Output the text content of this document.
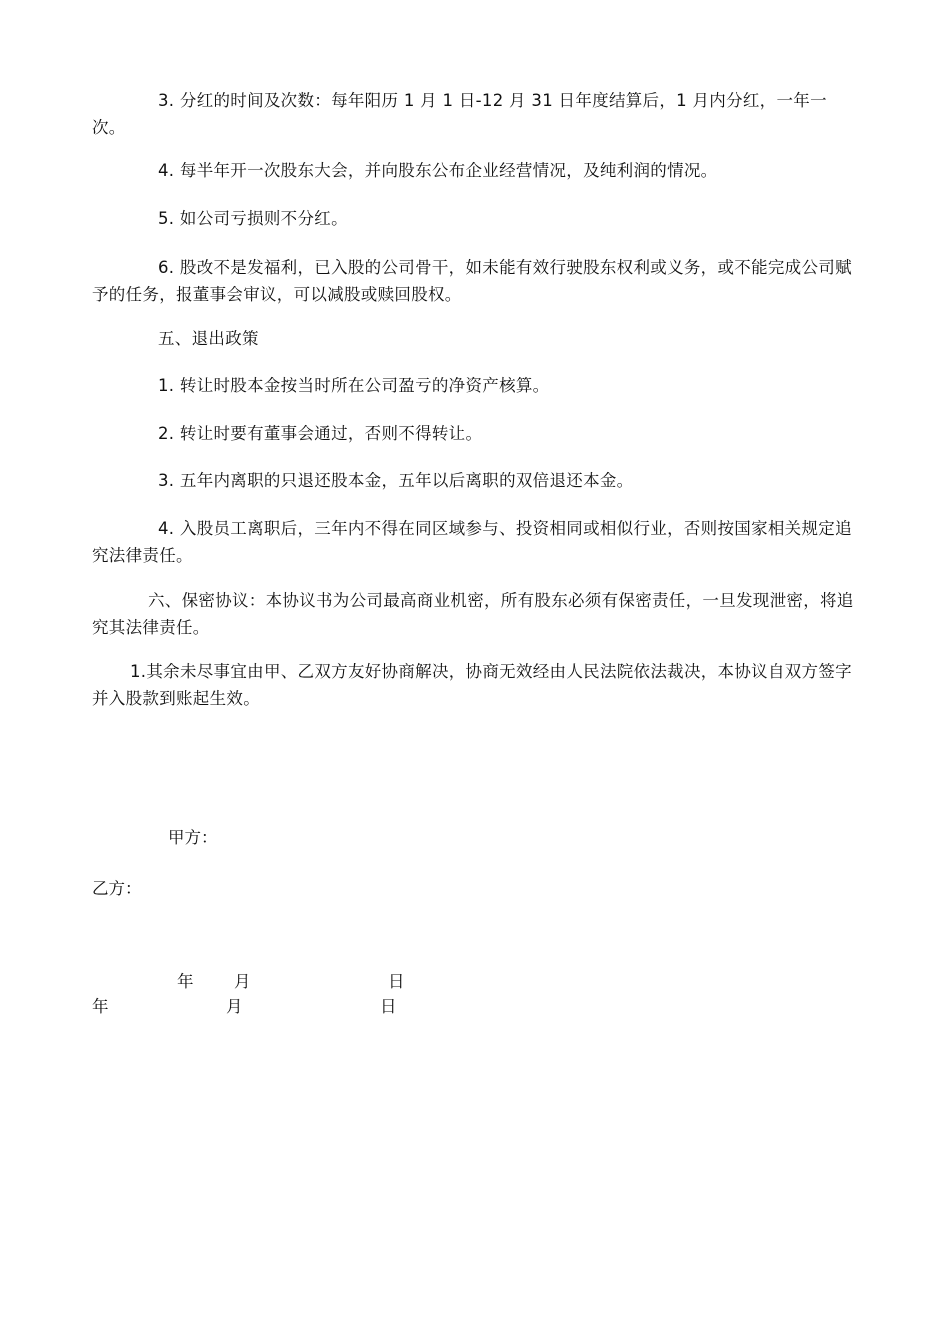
3. 分红的时间及次数：每年阳历 1 月 1 日-12 月 31 日年度结算后，1 月内分红，一年一次。

4. 每半年开一次股东大会，并向股东公布企业经营情况，及纯利润的情况。

5. 如公司亏损则不分红。

6. 股改不是发福利，已入股的公司骨干，如未能有效行驶股东权利或义务，或不能完成公司赋予的任务，报董事会审议，可以减股或赎回股权。

五、退出政策

1. 转让时股本金按当时所在公司盈亏的净资产核算。

2. 转让时要有董事会通过，否则不得转让。

3. 五年内离职的只退还股本金，五年以后离职的双倍退还本金。

4. 入股员工离职后，三年内不得在同区域参与、投资相同或相似行业，否则按国家相关规定追究法律责任。

六、保密协议：本协议书为公司最高商业机密，所有股东必须有保密责任，一旦发现泄密，将追究其法律责任。

1.其余未尽事宜由甲、乙双方友好协商解决，协商无效经由人民法院依法裁决，本协议自双方签字并入股款到账起生效。

甲方：

乙方：

年 月	日

年	月	日
